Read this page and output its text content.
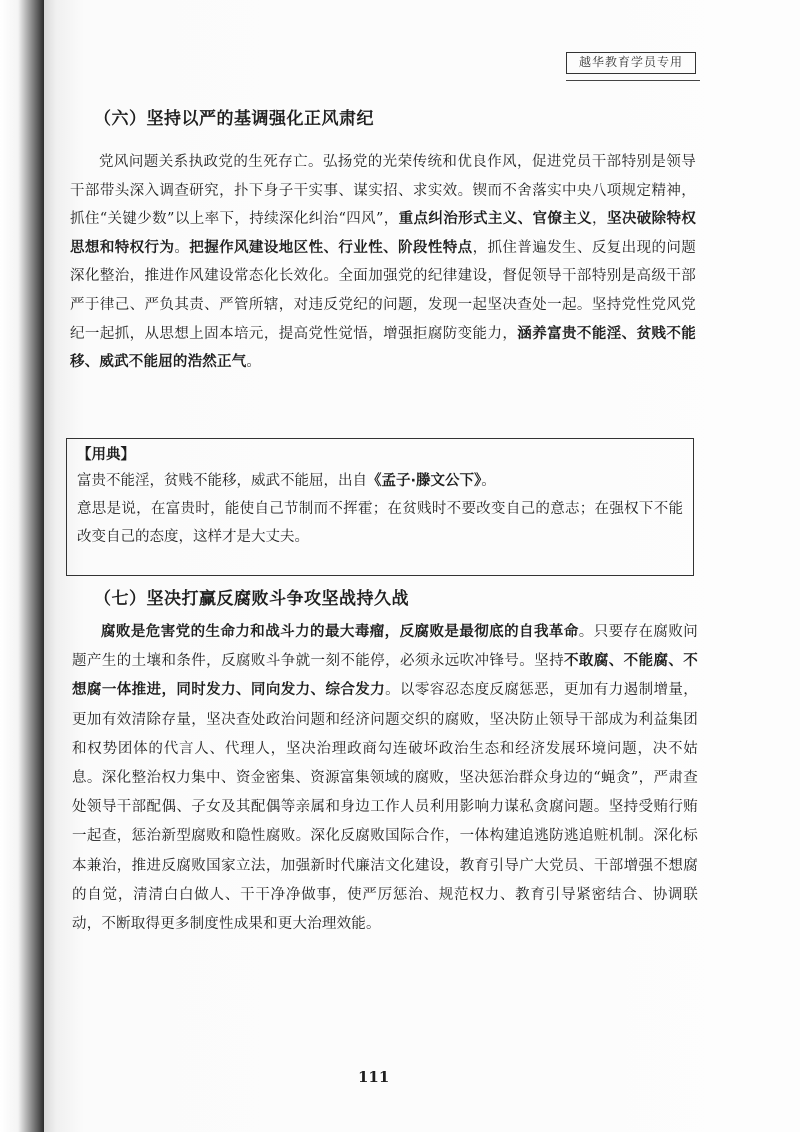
越华教育学员专用
（六）坚持以严的基调强化正风肃纪

党风问题关系执政党的生死存亡。弘扬党的光荣传统和优良作风，促进党员干部特别是领导干部带头深入调查研究，扑下身子干实事、谋实招、求实效。锲而不舍落实中央八项规定精神，抓住“关键少数”以上率下，持续深化纠治“四风”，重点纠治形式主义、官僚主义，坚决破除特权思想和特权行为。把握作风建设地区性、行业性、阶段性特点，抓住普遍发生、反复出现的问题深化整治，推进作风建设常态化长效化。全面加强党的纪律建设，督促领导干部特别是高级干部严于律己、严负其责、严管所辖，对违反党纪的问题，发现一起坚决查处一起。坚持党性党风党纪一起抓，从思想上固本培元，提高党性觉悟，增强拒腐防变能力，涵养富贵不能淫、贫贱不能移、威武不能屈的浩然正气。

【用典】

富贵不能淫，贫贱不能移，威武不能屈，出自《孟子·滕文公下》。

意思是说，在富贵时，能使自己节制而不挥霍；在贫贱时不要改变自己的意志；在强权下不能改变自己的态度，这样才是大丈夫。

（七）坚决打赢反腐败斗争攻坚战持久战

腐败是危害党的生命力和战斗力的最大毒瘤，反腐败是最彻底的自我革命。只要存在腐败问题产生的土壤和条件，反腐败斗争就一刻不能停，必须永远吹冲锋号。坚持不敢腐、不能腐、不想腐一体推进，同时发力、同向发力、综合发力。以零容忍态度反腐惩恶，更加有力遏制增量，更加有效清除存量，坚决查处政治问题和经济问题交织的腐败，坚决防止领导干部成为利益集团和权势团体的代言人、代理人，坚决治理政商勾连破坏政治生态和经济发展环境问题，决不姑息。深化整治权力集中、资金密集、资源富集领域的腐败，坚决惩治群众身边的“蝇贪”，严肃查处领导干部配偶、子女及其配偶等亲属和身边工作人员利用影响力谋私贪腐问题。坚持受贿行贿一起查，惩治新型腐败和隐性腐败。深化反腐败国际合作，一体构建追逃防逃追赃机制。深化标本兼治，推进反腐败国家立法，加强新时代廉洁文化建设，教育引导广大党员、干部增强不想腐的自觉，清清白白做人、干干净净做事，使严厉惩治、规范权力、教育引导紧密结合、协调联动，不断取得更多制度性成果和更大治理效能。

111
